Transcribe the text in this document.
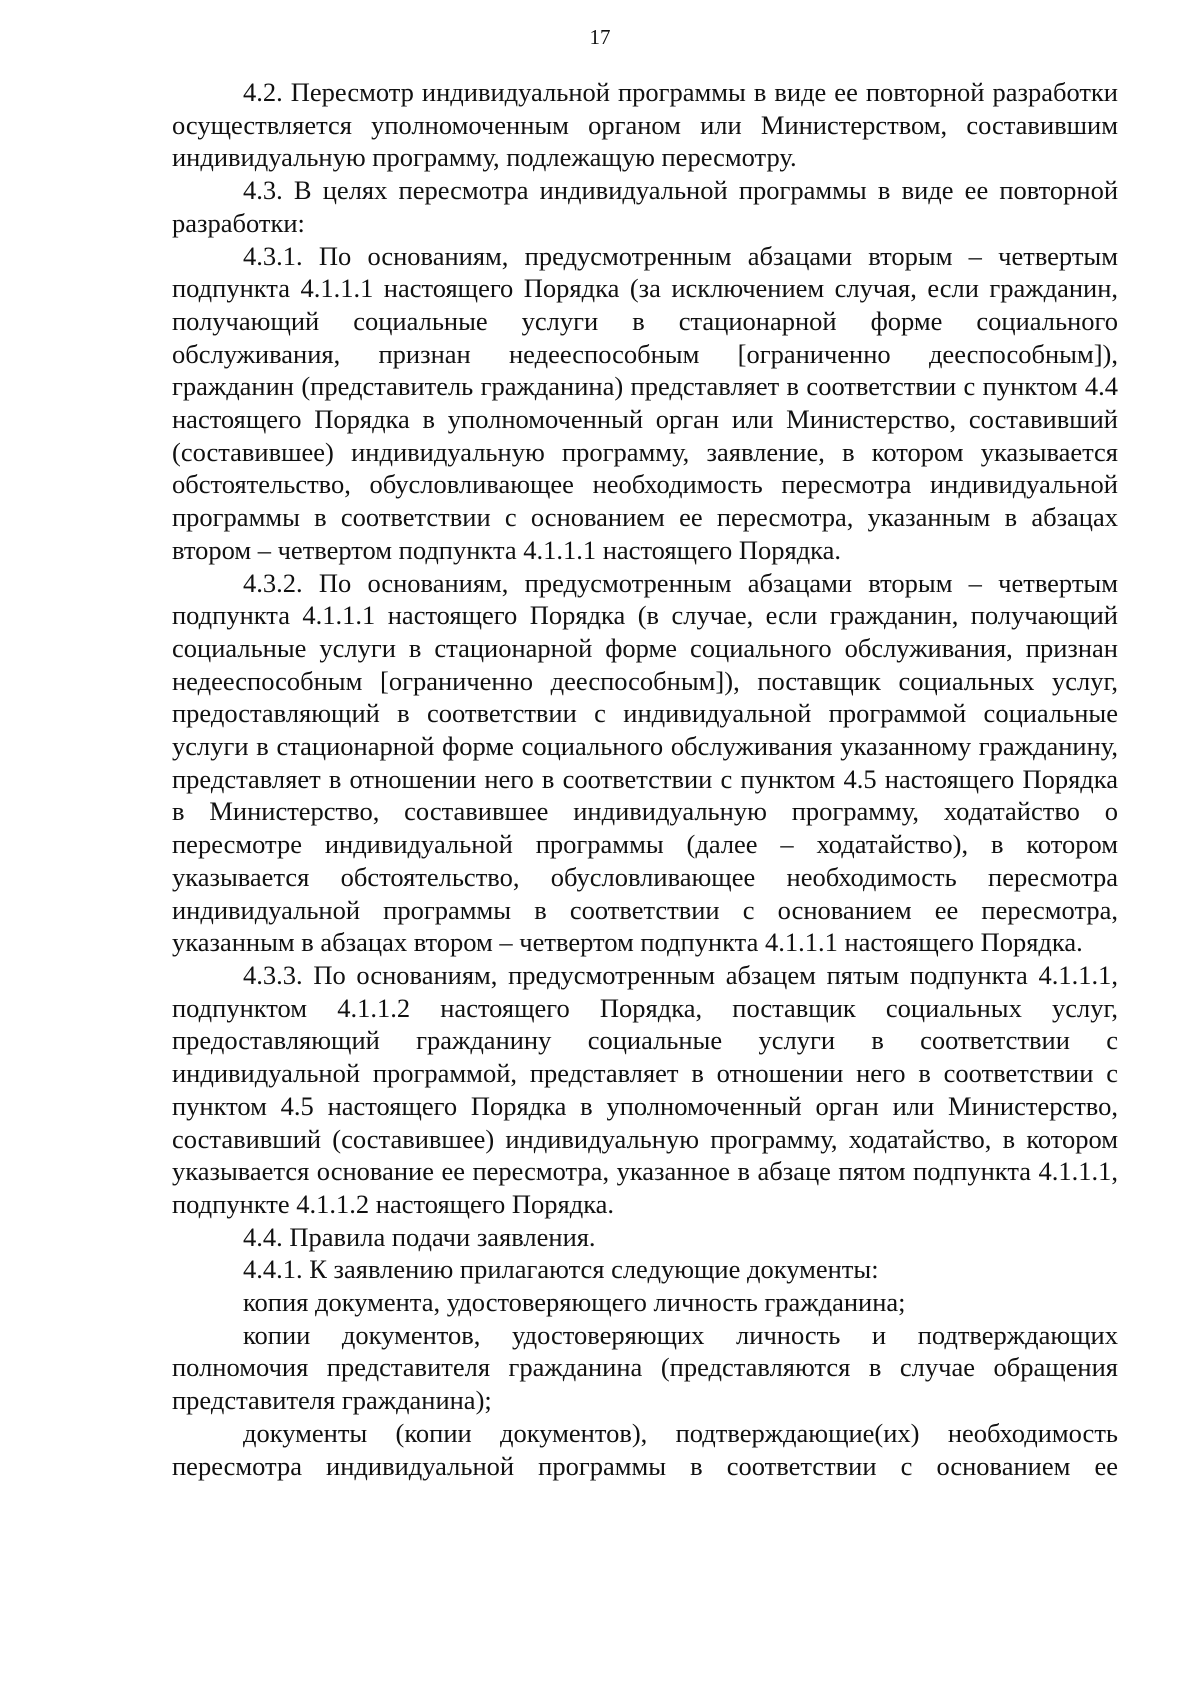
17

4.2. Пересмотр индивидуальной программы в виде ее повторной разработки осуществляется уполномоченным органом или Министерством, составившим индивидуальную программу, подлежащую пересмотру.

4.3. В целях пересмотра индивидуальной программы в виде ее повторной разработки:

4.3.1. По основаниям, предусмотренным абзацами вторым – четвертым подпункта 4.1.1.1 настоящего Порядка (за исключением случая, если гражданин, получающий социальные услуги в стационарной форме социального обслуживания, признан недееспособным [ограниченно дееспособным]), гражданин (представитель гражданина) представляет в соответствии с пунктом 4.4 настоящего Порядка в уполномоченный орган или Министерство, составивший (составившее) индивидуальную программу, заявление, в котором указывается обстоятельство, обусловливающее необходимость пересмотра индивидуальной программы в соответствии с основанием ее пересмотра, указанным в абзацах втором – четвертом подпункта 4.1.1.1 настоящего Порядка.

4.3.2. По основаниям, предусмотренным абзацами вторым – четвертым подпункта 4.1.1.1 настоящего Порядка (в случае, если гражданин, получающий социальные услуги в стационарной форме социального обслуживания, признан недееспособным [ограниченно дееспособным]), поставщик социальных услуг, предоставляющий в соответствии с индивидуальной программой социальные услуги в стационарной форме социального обслуживания указанному гражданину, представляет в отношении него в соответствии с пунктом 4.5 настоящего Порядка в Министерство, составившее индивидуальную программу, ходатайство о пересмотре индивидуальной программы (далее – ходатайство), в котором указывается обстоятельство, обусловливающее необходимость пересмотра индивидуальной программы в соответствии с основанием ее пересмотра, указанным в абзацах втором – четвертом подпункта 4.1.1.1 настоящего Порядка.

4.3.3. По основаниям, предусмотренным абзацем пятым подпункта 4.1.1.1, подпунктом 4.1.1.2 настоящего Порядка, поставщик социальных услуг, предоставляющий гражданину социальные услуги в соответствии с индивидуальной программой, представляет в отношении него в соответствии с пунктом 4.5 настоящего Порядка в уполномоченный орган или Министерство, составивший (составившее) индивидуальную программу, ходатайство, в котором указывается основание ее пересмотра, указанное в абзаце пятом подпункта 4.1.1.1, подпункте 4.1.1.2 настоящего Порядка.

4.4. Правила подачи заявления.

4.4.1. К заявлению прилагаются следующие документы:

копия документа, удостоверяющего личность гражданина;

копии документов, удостоверяющих личность и подтверждающих полномочия представителя гражданина (представляются в случае обращения представителя гражданина);

документы (копии документов), подтверждающие(их) необходимость пересмотра индивидуальной программы в соответствии с основанием ее
